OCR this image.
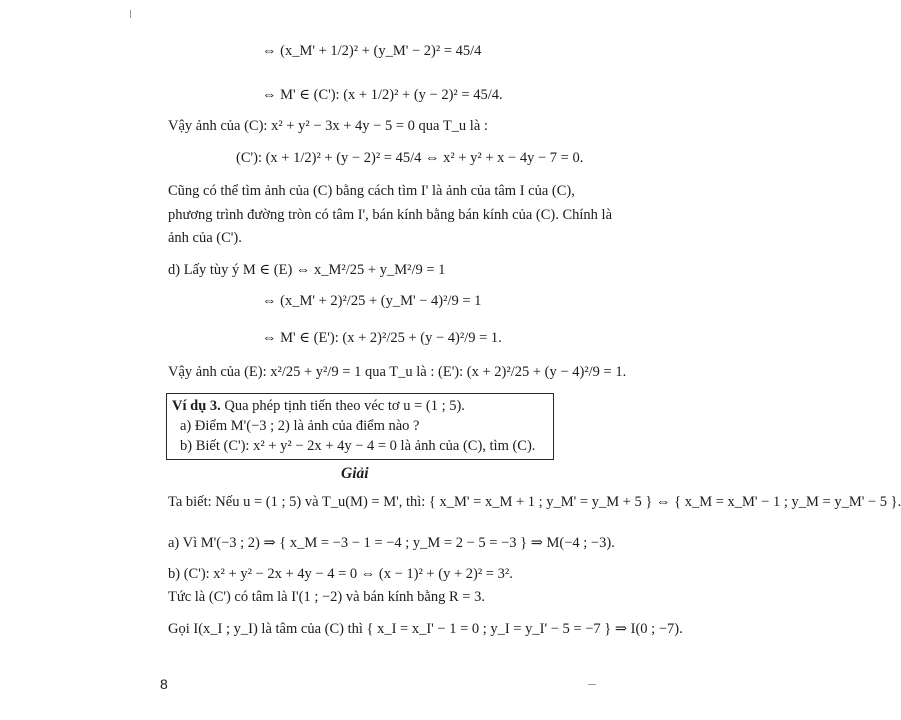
⇔ (x_M' + 1/2)² + (y_M' − 2)² = 45/4
⇔ M' ∈ (C'): (x + 1/2)² + (y − 2)² = 45/4.
Vậy ảnh của (C): x² + y² − 3x + 4y − 5 = 0 qua T_u là :
(C'): (x + 1/2)² + (y − 2)² = 45/4 ⇔ x² + y² + x − 4y − 7 = 0.
Cũng có thể tìm ảnh của (C) bằng cách tìm I' là ảnh của tâm I của (C),
phương trình đường tròn có tâm I', bán kính bằng bán kính của (C). Chính là
ảnh của (C').
d) Lấy tùy ý M ∈ (E) ⇔ x_M²/25 + y_M²/9 = 1
⇔ (x_M' + 2)²/25 + (y_M' − 4)²/9 = 1
⇔ M' ∈ (E'): (x + 2)²/25 + (y − 4)²/9 = 1.
Vậy ảnh của (E): x²/25 + y²/9 = 1 qua T_u là : (E'): (x + 2)²/25 + (y − 4)²/9 = 1.
Ví dụ 3. Qua phép tịnh tiến theo véc tơ u = (1 ; 5).
a) Điểm M'(−3 ; 2) là ảnh của điểm nào ?
b) Biết (C'): x² + y² − 2x + 4y − 4 = 0 là ảnh của (C), tìm (C).
Giải
Ta biết: Nếu u = (1 ; 5) và T_u(M) = M', thì: { x_M' = x_M + 1 ; y_M' = y_M + 5 } ⇔ { x_M = x_M' − 1 ; y_M = y_M' − 5 }.
a) Vì M'(−3 ; 2) ⇒ { x_M = −3 − 1 = −4 ; y_M = 2 − 5 = −3 } ⇒ M(−4 ; −3).
b) (C'): x² + y² − 2x + 4y − 4 = 0 ⇔ (x − 1)² + (y + 2)² = 3².
Tức là (C') có tâm là I'(1 ; −2) và bán kính bằng R = 3.
Gọi I(x_I ; y_I) là tâm của (C) thì { x_I = x_I' − 1 = 0 ; y_I = y_I' − 5 = −7 } ⇒ I(0 ; −7).
8
